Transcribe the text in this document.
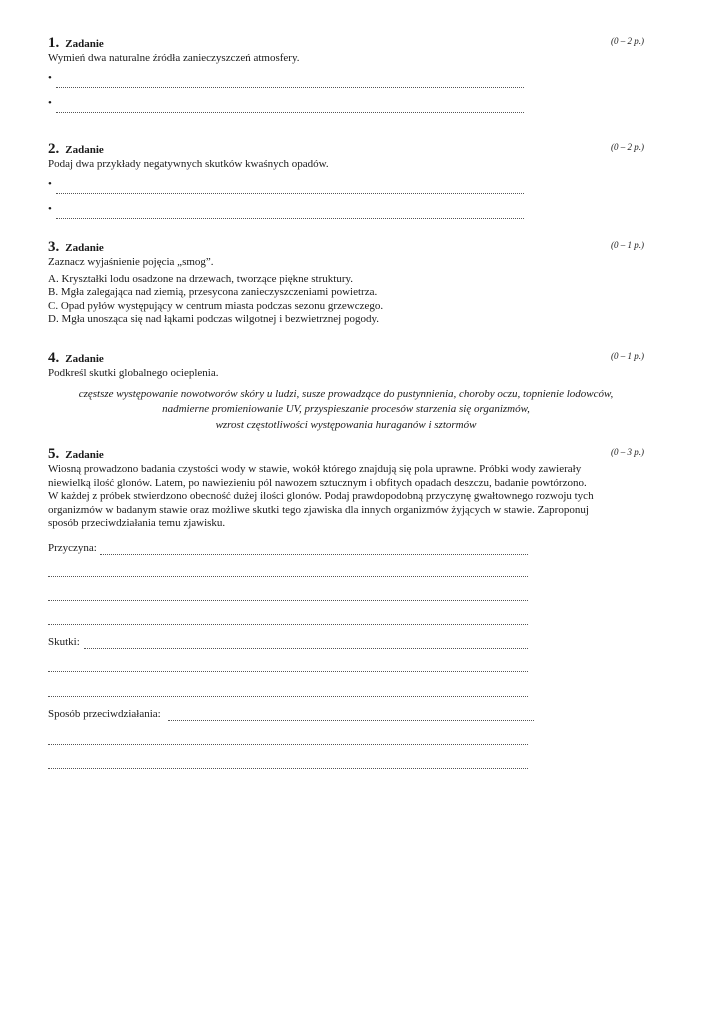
1. Zadanie	(0 – 2 p.)

Wymień dwa naturalne źródła zanieczyszczeń atmosfery.

•
•
2. Zadanie	(0 – 2 p.)

Podaj dwa przykłady negatywnych skutków kwaśnych opadów.

•
•
3. Zadanie	(0 – 1 p.)

Zaznacz wyjaśnienie pojęcia „smog”.

A. Kryształki lodu osadzone na drzewach, tworzące piękne struktury.
B. Mgła zalegająca nad ziemią, przesycona zanieczyszczeniami powietrza.
C. Opad pyłów występujący w centrum miasta podczas sezonu grzewczego.
D. Mgła unosząca się nad łąkami podczas wilgotnej i bezwietrznej pogody.
4. Zadanie	(0 – 1 p.)

Podkreśl skutki globalnego ocieplenia.

częstsze występowanie nowotworów skóry u ludzi, susze prowadzące do pustynnienia, choroby oczu, topnienie lodowców,
nadmierne promieniowanie UV, przyspieszanie procesów starzenia się organizmów,
wzrost częstotliwości występowania huraganów i sztormów
5. Zadanie	(0 – 3 p.)
Wiosną prowadzono badania czystości wody w stawie, wokół którego znajdują się pola uprawne. Próbki wody zawierały
niewielką ilość glonów. Latem, po nawiezieniu pól nawozem sztucznym i obfitych opadach deszczu, badanie powtórzono.
W każdej z próbek stwierdzono obecność dużej ilości glonów. Podaj prawdopodobną przyczynę gwałtownego rozwoju tych
organizmów w badanym stawie oraz możliwe skutki tego zjawiska dla innych organizmów żyjących w stawie. Zaproponuj
sposób przeciwdziałania temu zjawisku.
Przyczyna:
Skutki:
Sposób przeciwdziałania:
